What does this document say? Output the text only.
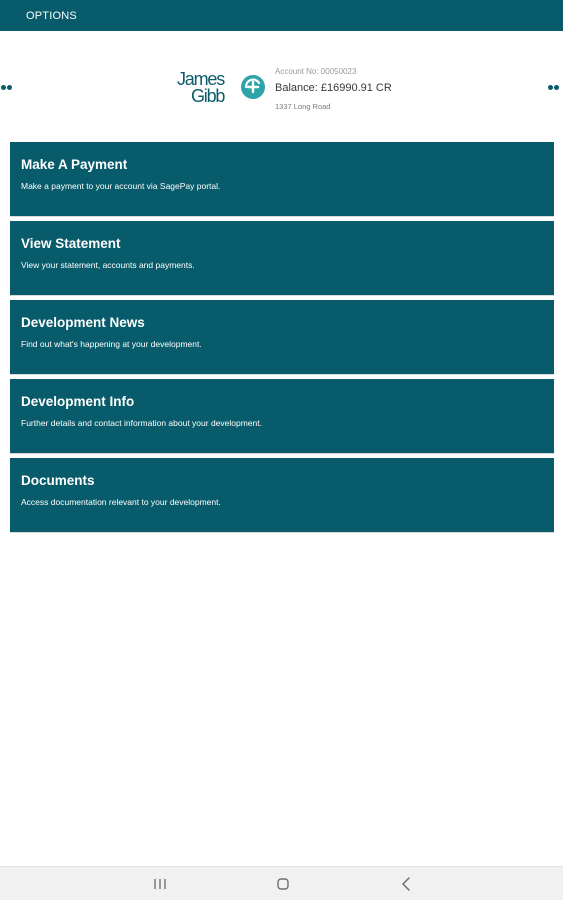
OPTIONS
James
Gibb
Account No: 00050023
Balance: £16990.91 CR
1337 Long Road
Make A Payment
Make a payment to your account via SagePay portal.
View Statement
View your statement, accounts and payments.
Development News
Find out what's happening at your development.
Development Info
Further details and contact information about your development.
Documents
Access documentation relevant to your development.
